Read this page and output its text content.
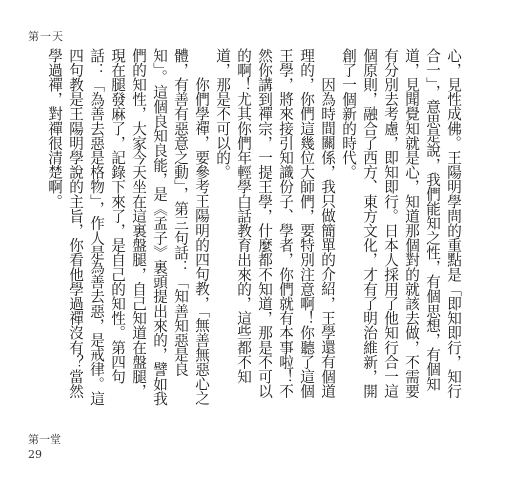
第一天

心，見性成佛。王陽明學問的重點是「即知即行，知行合一」，意思是說，我們能知之性，有個思想，有個知道，見聞覺知就是心，知道那個對的就該去做，不需要有分別去考慮，即知即行。日本人採用了他知行合一這個原則，融合了西方、東方文化，才有了明治維新，開創了一個新的時代。

因為時間關係，我只做簡單的介紹，王學還有個道理的，你們這幾位大師們，要特別注意啊！你聽了這個王學，將來接引知識份子、學者，你們就有本事啦！不然你講到禪宗，一提王學，什麼都不知道，那是不可以的啊！尤其你們年輕學白話教育出來的，這些都不知道，那是不可以的。

你們學禪，要參考王陽明的四句教，「無善無惡心之體，有善有惡意之動」，第三句話：「知善知惡是良知」。這個良知良能，是《孟子》裏頭提出來的，譬如我們的知性，大家今天坐在這裏盤腿，自己知道在盤腿，現在腿發麻了，記錄下來了，是自己的知性。第四句話：「為善去惡是格物」，作人是為善去惡，是戒律。這四句教是王陽明學說的主旨，你看他學過禪沒有？當然學過禪，對禪很清楚啊。

第一堂
29
